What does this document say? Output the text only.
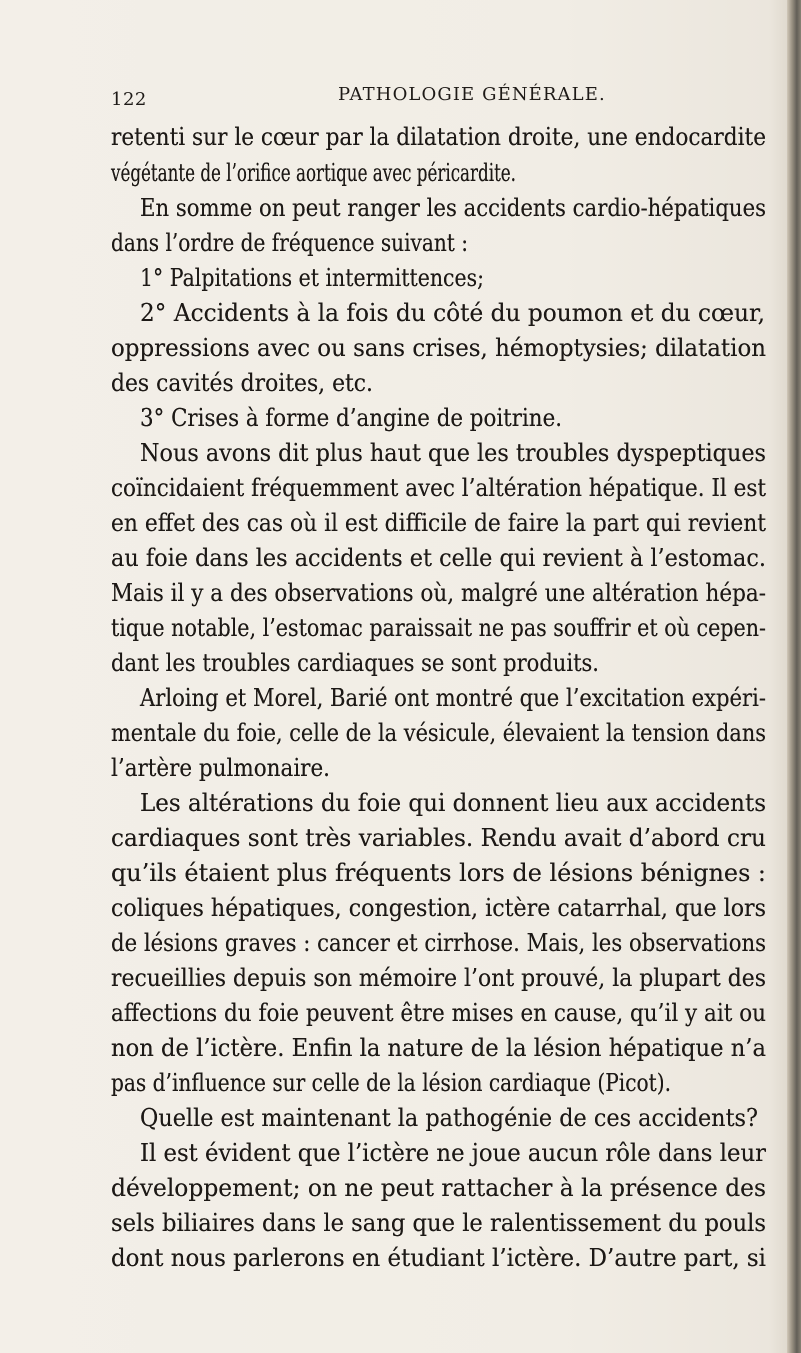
122	PATHOLOGIE GÉNÉRALE.
retenti sur le cœur par la dilatation droite, une endocardite
végétante de l’orifice aortique avec péricardite.
En somme on peut ranger les accidents cardio-hépatiques
dans l’ordre de fréquence suivant :
1° Palpitations et intermittences;
2° Accidents à la fois du côté du poumon et du cœur,
oppressions avec ou sans crises, hémoptysies; dilatation
des cavités droites, etc.
3° Crises à forme d’angine de poitrine.
Nous avons dit plus haut que les troubles dyspeptiques
coïncidaient fréquemment avec l’altération hépatique. Il est
en effet des cas où il est difficile de faire la part qui revient
au foie dans les accidents et celle qui revient à l’estomac.
Mais il y a des observations où, malgré une altération hépa-
tique notable, l’estomac paraissait ne pas souffrir et où cepen-
dant les troubles cardiaques se sont produits.
Arloing et Morel, Barié ont montré que l’excitation expéri-
mentale du foie, celle de la vésicule, élevaient la tension dans
l’artère pulmonaire.
Les altérations du foie qui donnent lieu aux accidents
cardiaques sont très variables. Rendu avait d’abord cru
qu’ils étaient plus fréquents lors de lésions bénignes :
coliques hépatiques, congestion, ictère catarrhal, que lors
de lésions graves : cancer et cirrhose. Mais, les observations
recueillies depuis son mémoire l’ont prouvé, la plupart des
affections du foie peuvent être mises en cause, qu’il y ait ou
non de l’ictère. Enfin la nature de la lésion hépatique n’a
pas d’influence sur celle de la lésion cardiaque (Picot).
Quelle est maintenant la pathogénie de ces accidents?
Il est évident que l’ictère ne joue aucun rôle dans leur
développement; on ne peut rattacher à la présence des
sels biliaires dans le sang que le ralentissement du pouls
dont nous parlerons en étudiant l’ictère. D’autre part, si
